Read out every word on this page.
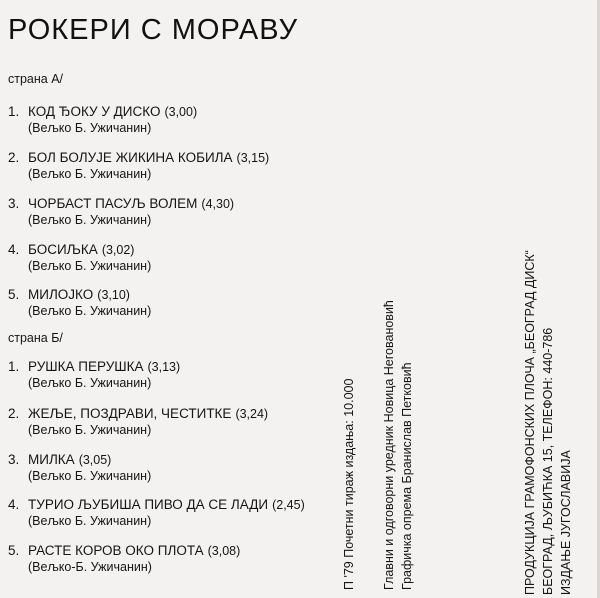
РОКЕРИ С МОРАВУ
страна А/
1. КОД ЂОКУ У ДИСКО (3,00)
(Вељко Б. Ужичанин)
2. БОЛ БОЛУЈЕ ЖИКИНА КОБИЛА (3,15)
(Вељко Б. Ужичанин)
3. ЧОРБАСТ ПАСУЉ ВОЛЕМ (4,30)
(Вељко Б. Ужичанин)
4. БОСИЉКА (3,02)
(Вељко Б. Ужичанин)
5. МИЛОЈКО (3,10)
(Вељко Б. Ужичанин)
страна Б/
1. РУШКА ПЕРУШКА (3,13)
(Вељко Б. Ужичанин)
2. ЖЕЉЕ, ПОЗДРАВИ, ЧЕСТИТКЕ (3,24)
(Вељко Б. Ужичанин)
3. МИЛКА (3,05)
(Вељко Б. Ужичанин)
4. ТУРИО ЉУБИША ПИВО ДА СЕ ЛАДИ (2,45)
(Вељко Б. Ужичанин)
5. РАСТЕ КОРОВ ОКО ПЛОТА (3,08)
(Вељко-Б. Ужичанин)	П '79 Почетни тираж издања: 10.000 Главни и одговорни уредник Новица Неговановић Графичка опрема Бранислав Петковић	ПРОДУКЦИЈА ГРАМОФОНСКИХ ПЛОЧА „БЕОГРАД ДИСК“ БЕОГРАД, ЉУБИЋКА 15, ТЕЛЕФОН: 440-786 ИЗДАЊЕ ЈУГОСЛАВИЈА
